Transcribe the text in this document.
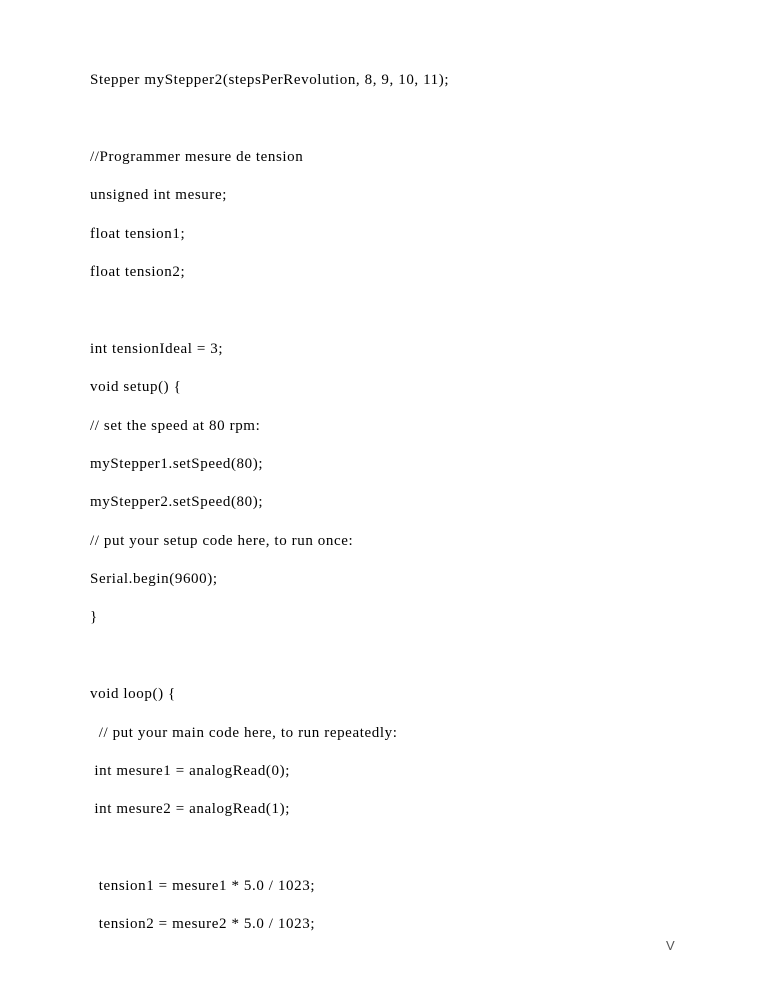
Stepper myStepper2(stepsPerRevolution, 8, 9, 10, 11);
//Programmer mesure de tension
unsigned int mesure;
float tension1;
float tension2;
int tensionIdeal = 3;
void setup() {
// set the speed at 80 rpm:
myStepper1.setSpeed(80);
myStepper2.setSpeed(80);
// put your setup code here, to run once:
Serial.begin(9600);
}
void loop() {
// put your main code here, to run repeatedly:
int mesure1 = analogRead(0);
int mesure2 = analogRead(1);
tension1 = mesure1 * 5.0 / 1023;
tension2 = mesure2 * 5.0 / 1023;
V
